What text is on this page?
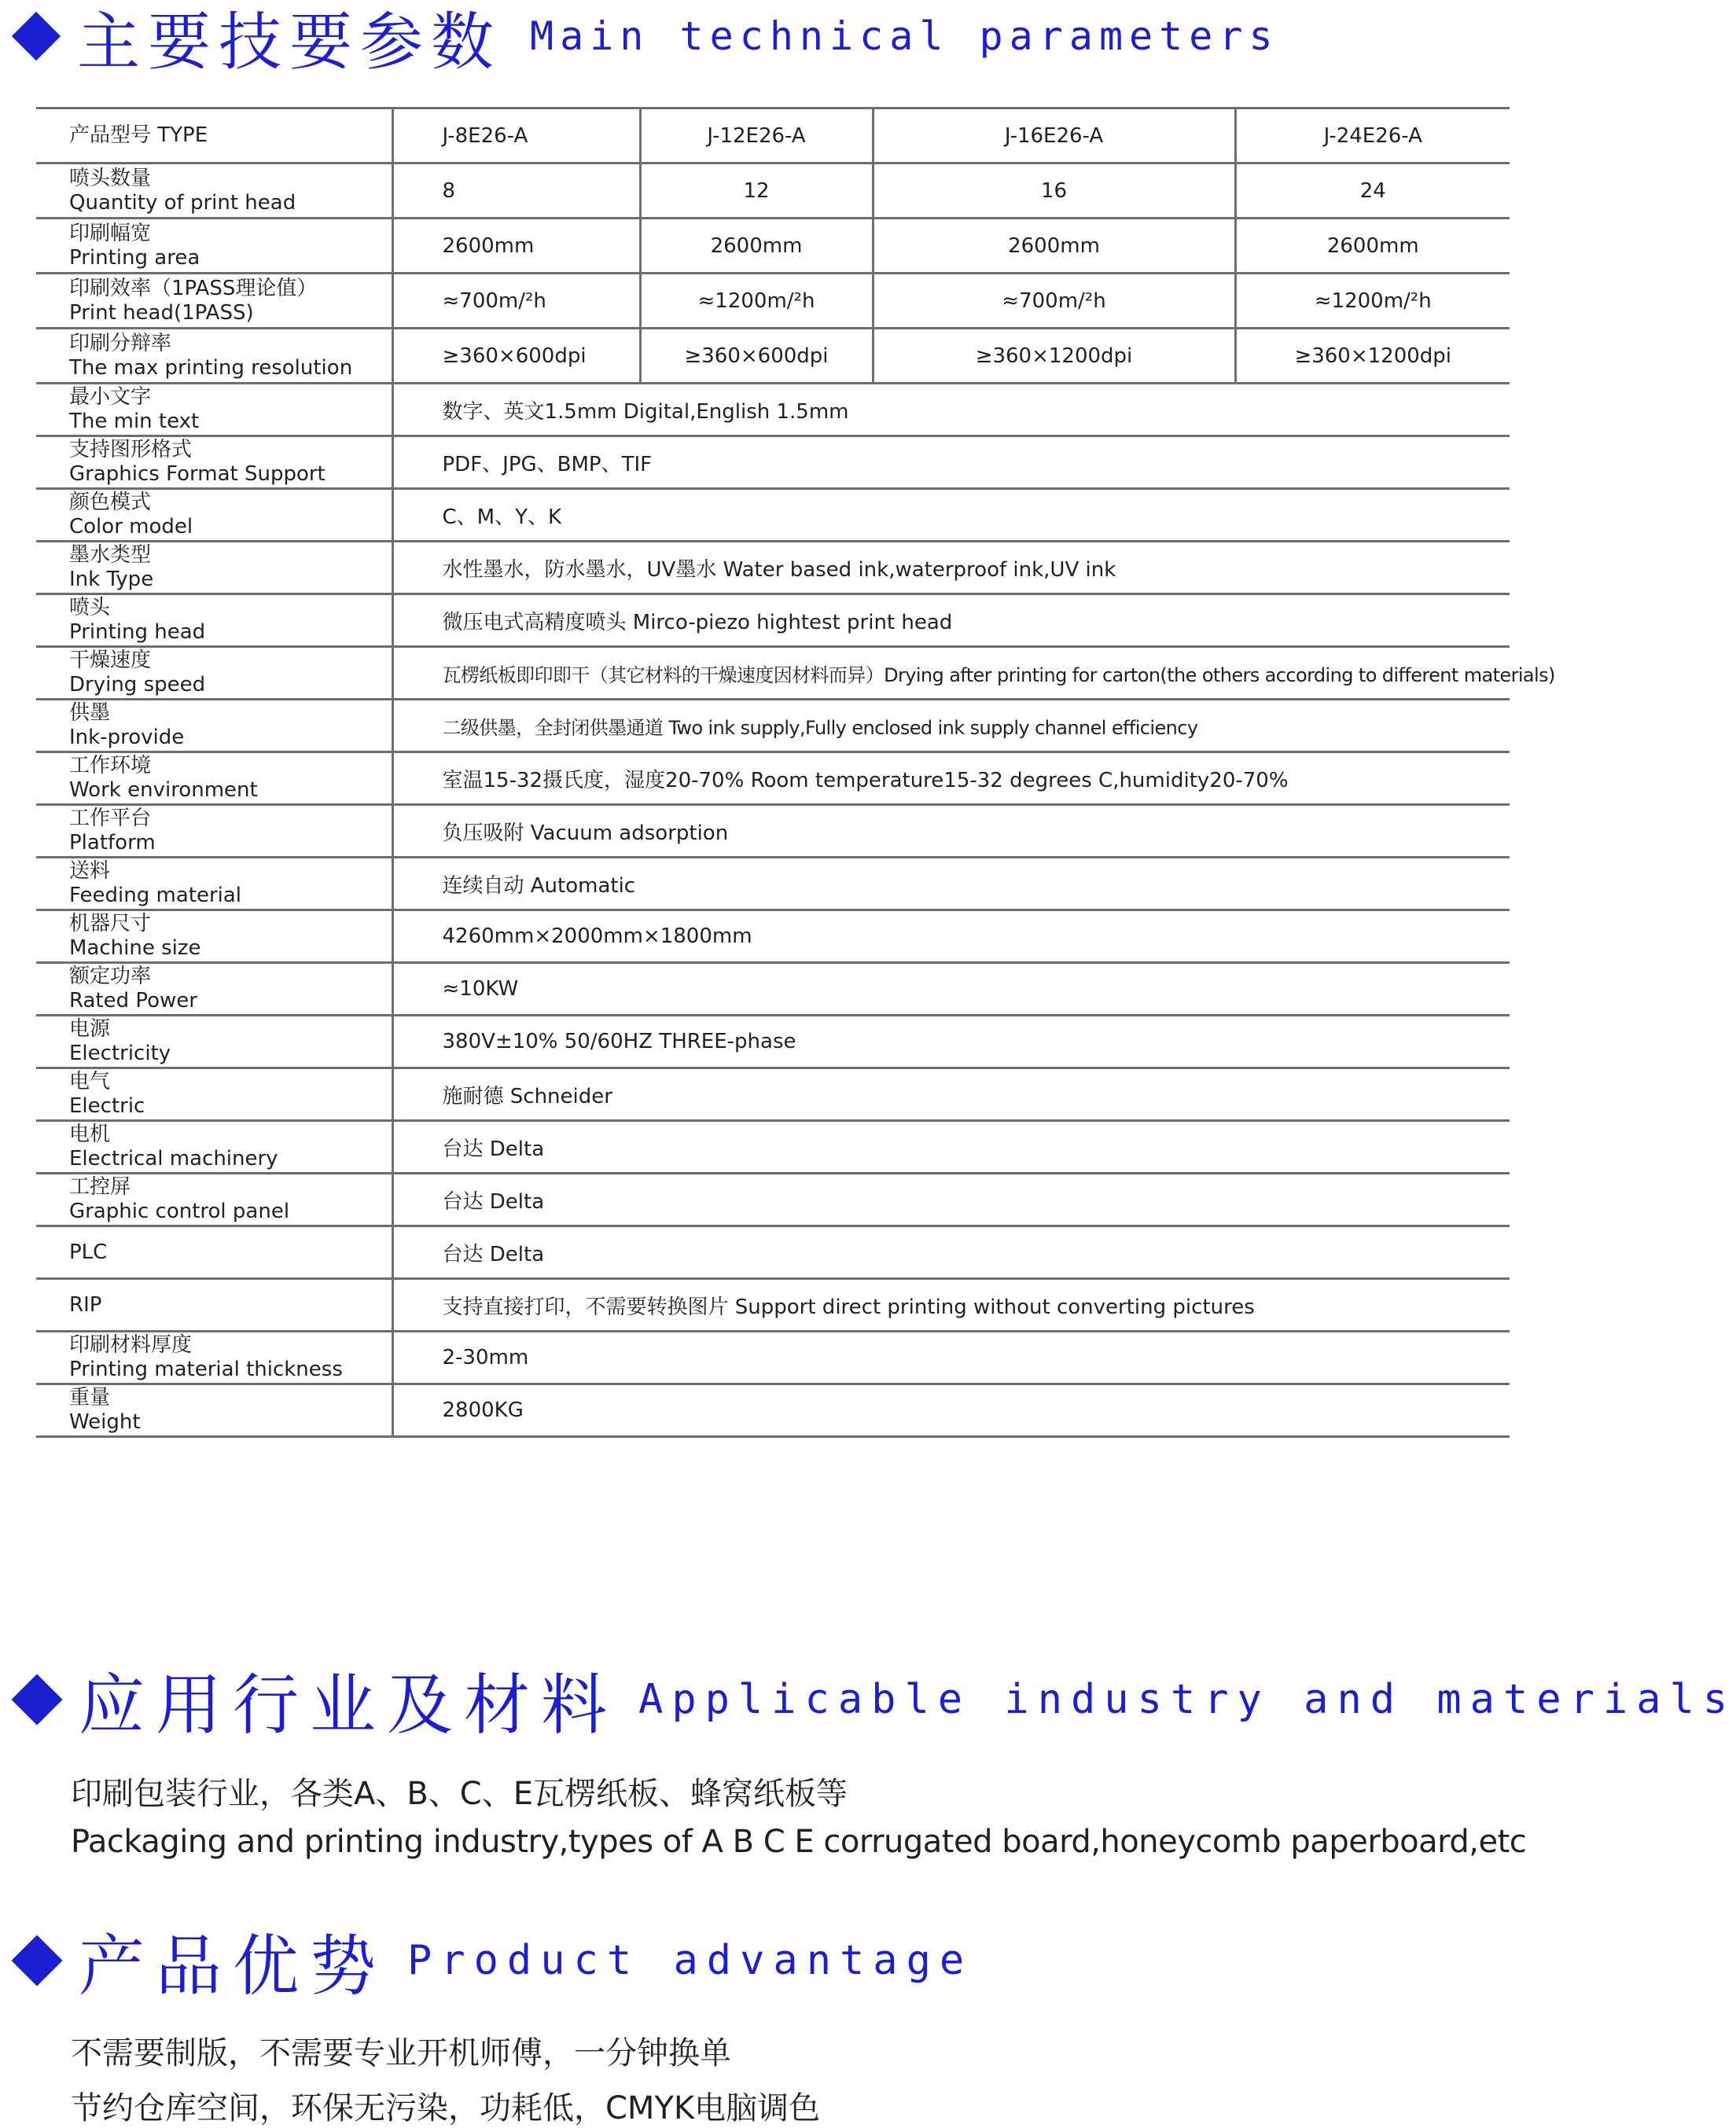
主要技要参数 Main technical parameters
产品型号 TYPE	J-8E26-A	J-12E26-A	J-16E26-A	J-24E26-A

喷头数量
Quantity of print head	8	12	16	24

印刷幅宽
Printing area	2600mm	2600mm	2600mm	2600mm

印刷效率（1PASS理论值）
Print head(1PASS)	≈700m/²h	≈1200m/²h	≈700m/²h	≈1200m/²h

印刷分辩率
The max printing resolution	≥360×600dpi	≥360×600dpi	≥360×1200dpi	≥360×1200dpi

最小文字
The min text	数字、英文1.5mm Digital,English 1.5mm			

支持图形格式
Graphics Format Support	PDF、JPG、BMP、TIF			

颜色模式
Color model	C、M、Y、K			

墨水类型
Ink Type	水性墨水，防水墨水，UV墨水 Water based ink,waterproof ink,UV ink			

喷头
Printing head	微压电式高精度喷头 Mirco-piezo hightest print head			

干燥速度
Drying speed	瓦楞纸板即印即干（其它材料的干燥速度因材料而异）Drying after printing for carton(the others according to different materials)			

供墨
Ink-provide	二级供墨，全封闭供墨通道 Two ink supply,Fully enclosed ink supply channel efficiency			

工作环境
Work environment	室温15-32摄氏度，湿度20-70% Room temperature15-32 degrees C,humidity20-70%			

工作平台
Platform	负压吸附 Vacuum adsorption			

送料
Feeding material	连续自动 Automatic			

机器尺寸
Machine size	4260mm×2000mm×1800mm			

额定功率
Rated Power	≈10KW			

电源
Electricity	380V±10% 50/60HZ THREE-phase			

电气
Electric	施耐德 Schneider			

电机
Electrical machinery	台达 Delta			

工控屏
Graphic control panel	台达 Delta			

PLC	台达 Delta			

RIP	支持直接打印，不需要转换图片 Support direct printing without converting pictures			

印刷材料厚度
Printing material thickness	2-30mm			

重量
Weight	2800KG			
应用行业及材料 Applicable industry and materials
印刷包装行业，各类A、B、C、E瓦楞纸板、蜂窝纸板等
Packaging and printing industry,types of A B C E corrugated board,honeycomb paperboard,etc
产品优势 Product advantage
不需要制版，不需要专业开机师傅，一分钟换单
节约仓库空间，环保无污染，功耗低，CMYK电脑调色
